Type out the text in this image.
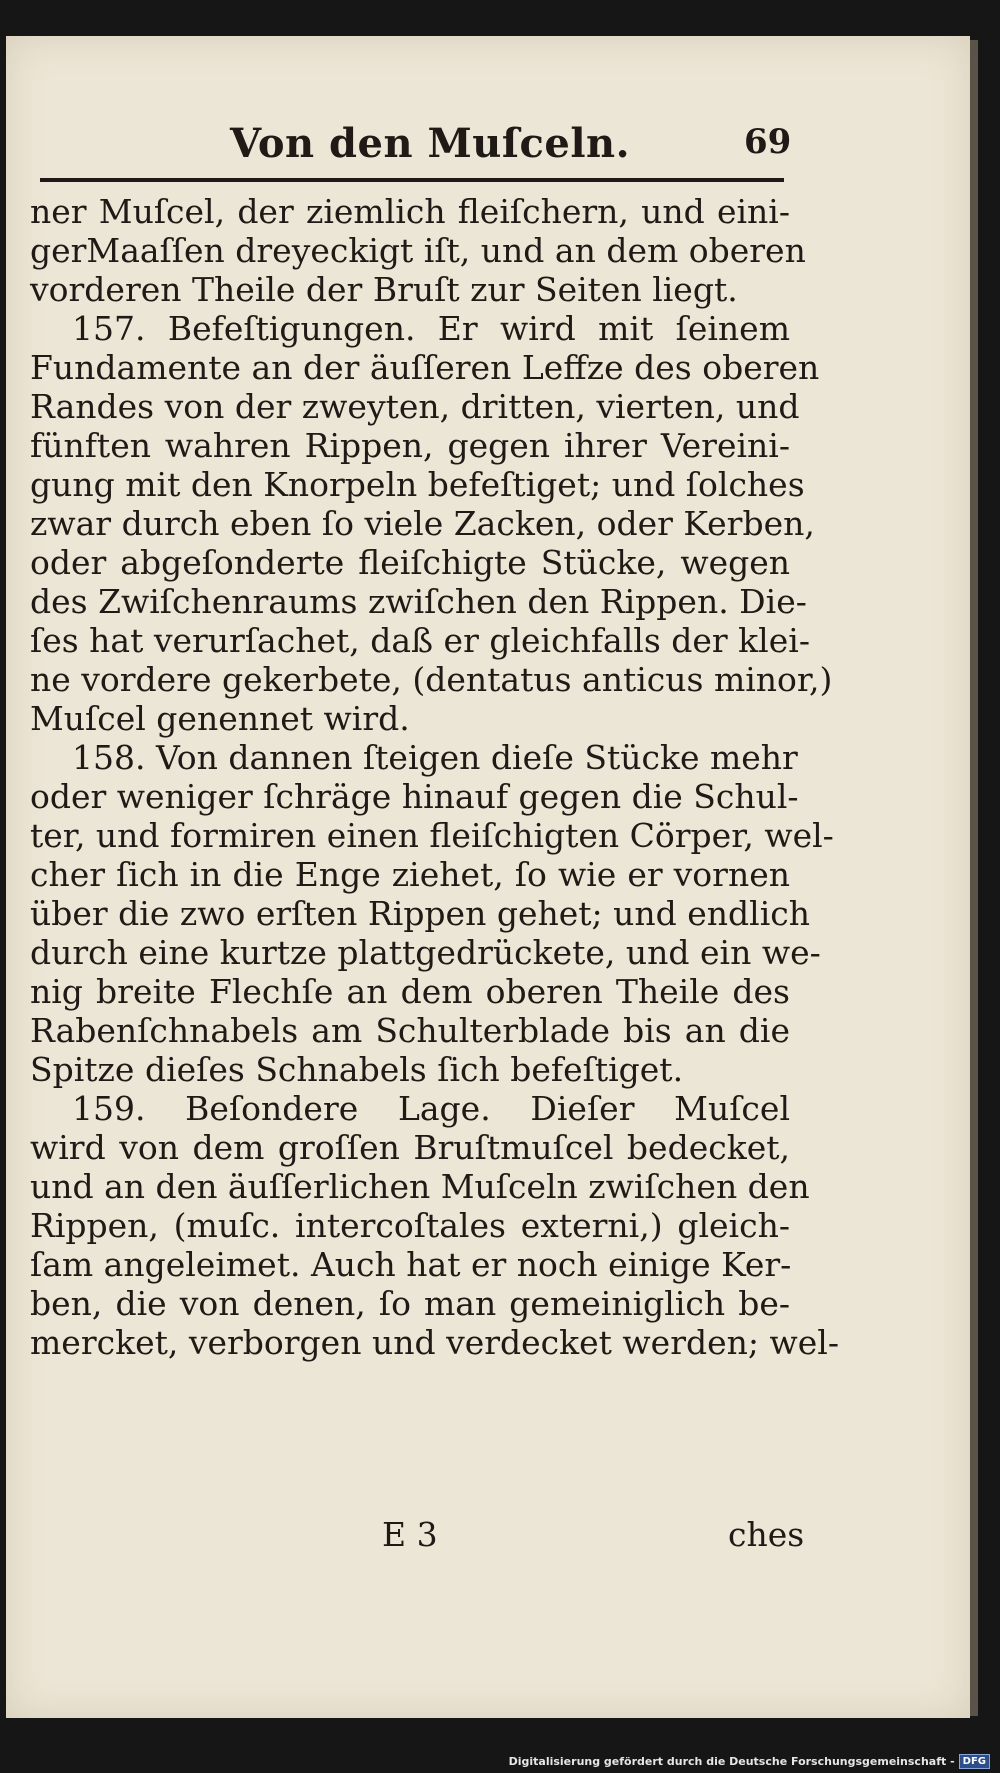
Von den Muſceln.	69
ner Muſcel, der ziemlich fleiſchern, und eini-
gerMaaſſen dreyeckigt iſt, und an dem oberen
vorderen Theile der Bruſt zur Seiten liegt.
157. Befeſtigungen. Er wird mit ſeinem
Fundamente an der äuſſeren Leffze des oberen
Randes von der zweyten, dritten, vierten, und
fünften wahren Rippen, gegen ihrer Vereini-
gung mit den Knorpeln befeſtiget; und ſolches
zwar durch eben ſo viele Zacken, oder Kerben,
oder abgeſonderte fleiſchigte Stücke, wegen
des Zwiſchenraums zwiſchen den Rippen. Die-
ſes hat verurſachet, daß er gleichfalls der klei-
ne vordere gekerbete, (dentatus anticus minor,)
Muſcel genennet wird.
158. Von dannen ſteigen dieſe Stücke mehr
oder weniger ſchräge hinauf gegen die Schul-
ter, und formiren einen fleiſchigten Cörper, wel-
cher ſich in die Enge ziehet, ſo wie er vornen
über die zwo erſten Rippen gehet; und endlich
durch eine kurtze plattgedrückete, und ein we-
nig breite Flechſe an dem oberen Theile des
Rabenſchnabels am Schulterblade bis an die
Spitze dieſes Schnabels ſich befeſtiget.
159. Beſondere Lage. Dieſer Muſcel
wird von dem groſſen Bruſtmuſcel bedecket,
und an den äuſſerlichen Muſceln zwiſchen den
Rippen, (muſc. intercoſtales externi,) gleich-
ſam angeleimet. Auch hat er noch einige Ker-
ben, die von denen, ſo man gemeiniglich be-
mercket, verborgen und verdecket werden; wel-
E 3	ches
Digitalisierung gefördert durch die Deutsche Forschungsgemeinschaft - DFG
